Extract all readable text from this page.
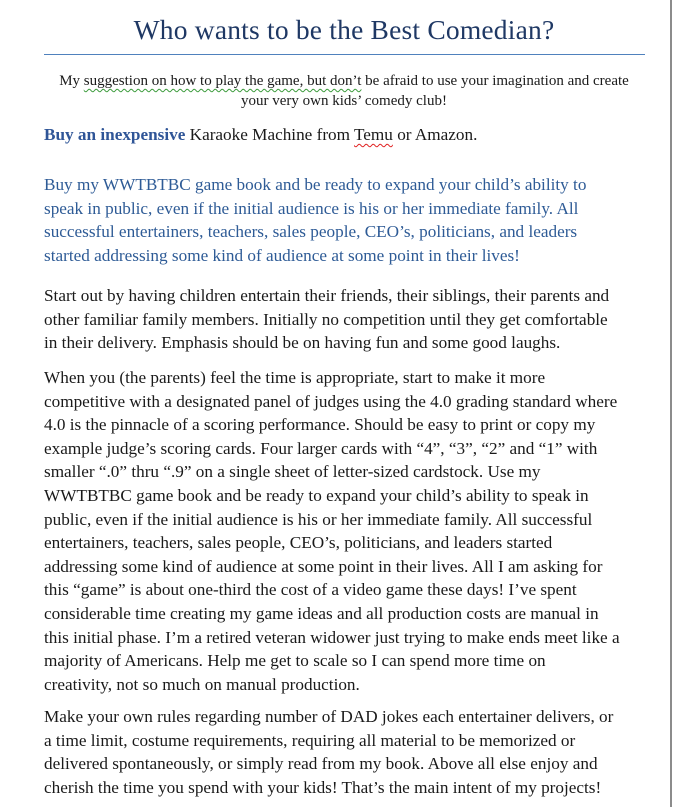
Who wants to be the Best Comedian?
My suggestion on how to play the game, but don’t be afraid to use your imagination and create
your very own kids’ comedy club!
Buy an inexpensive Karaoke Machine from Temu or Amazon.
Buy my WWTBTBC game book and be ready to expand your child’s ability to
speak in public, even if the initial audience is his or her immediate family. All
successful entertainers, teachers, sales people, CEO’s, politicians, and leaders
started addressing some kind of audience at some point in their lives!
Start out by having children entertain their friends, their siblings, their parents and
other familiar family members. Initially no competition until they get comfortable
in their delivery. Emphasis should be on having fun and some good laughs.
When you (the parents) feel the time is appropriate, start to make it more
competitive with a designated panel of judges using the 4.0 grading standard where
4.0 is the pinnacle of a scoring performance. Should be easy to print or copy my
example judge’s scoring cards. Four larger cards with “4”, “3”, “2” and “1” with
smaller “.0” thru “.9” on a single sheet of letter-sized cardstock. Use my
WWTBTBC game book and be ready to expand your child’s ability to speak in
public, even if the initial audience is his or her immediate family. All successful
entertainers, teachers, sales people, CEO’s, politicians, and leaders started
addressing some kind of audience at some point in their lives. All I am asking for
this “game” is about one-third the cost of a video game these days! I’ve spent
considerable time creating my game ideas and all production costs are manual in
this initial phase. I’m a retired veteran widower just trying to make ends meet like a
majority of Americans. Help me get to scale so I can spend more time on
creativity, not so much on manual production.
Make your own rules regarding number of DAD jokes each entertainer delivers, or
a time limit, costume requirements, requiring all material to be memorized or
delivered spontaneously, or simply read from my book. Above all else enjoy and
cherish the time you spend with your kids! That’s the main intent of my projects!
